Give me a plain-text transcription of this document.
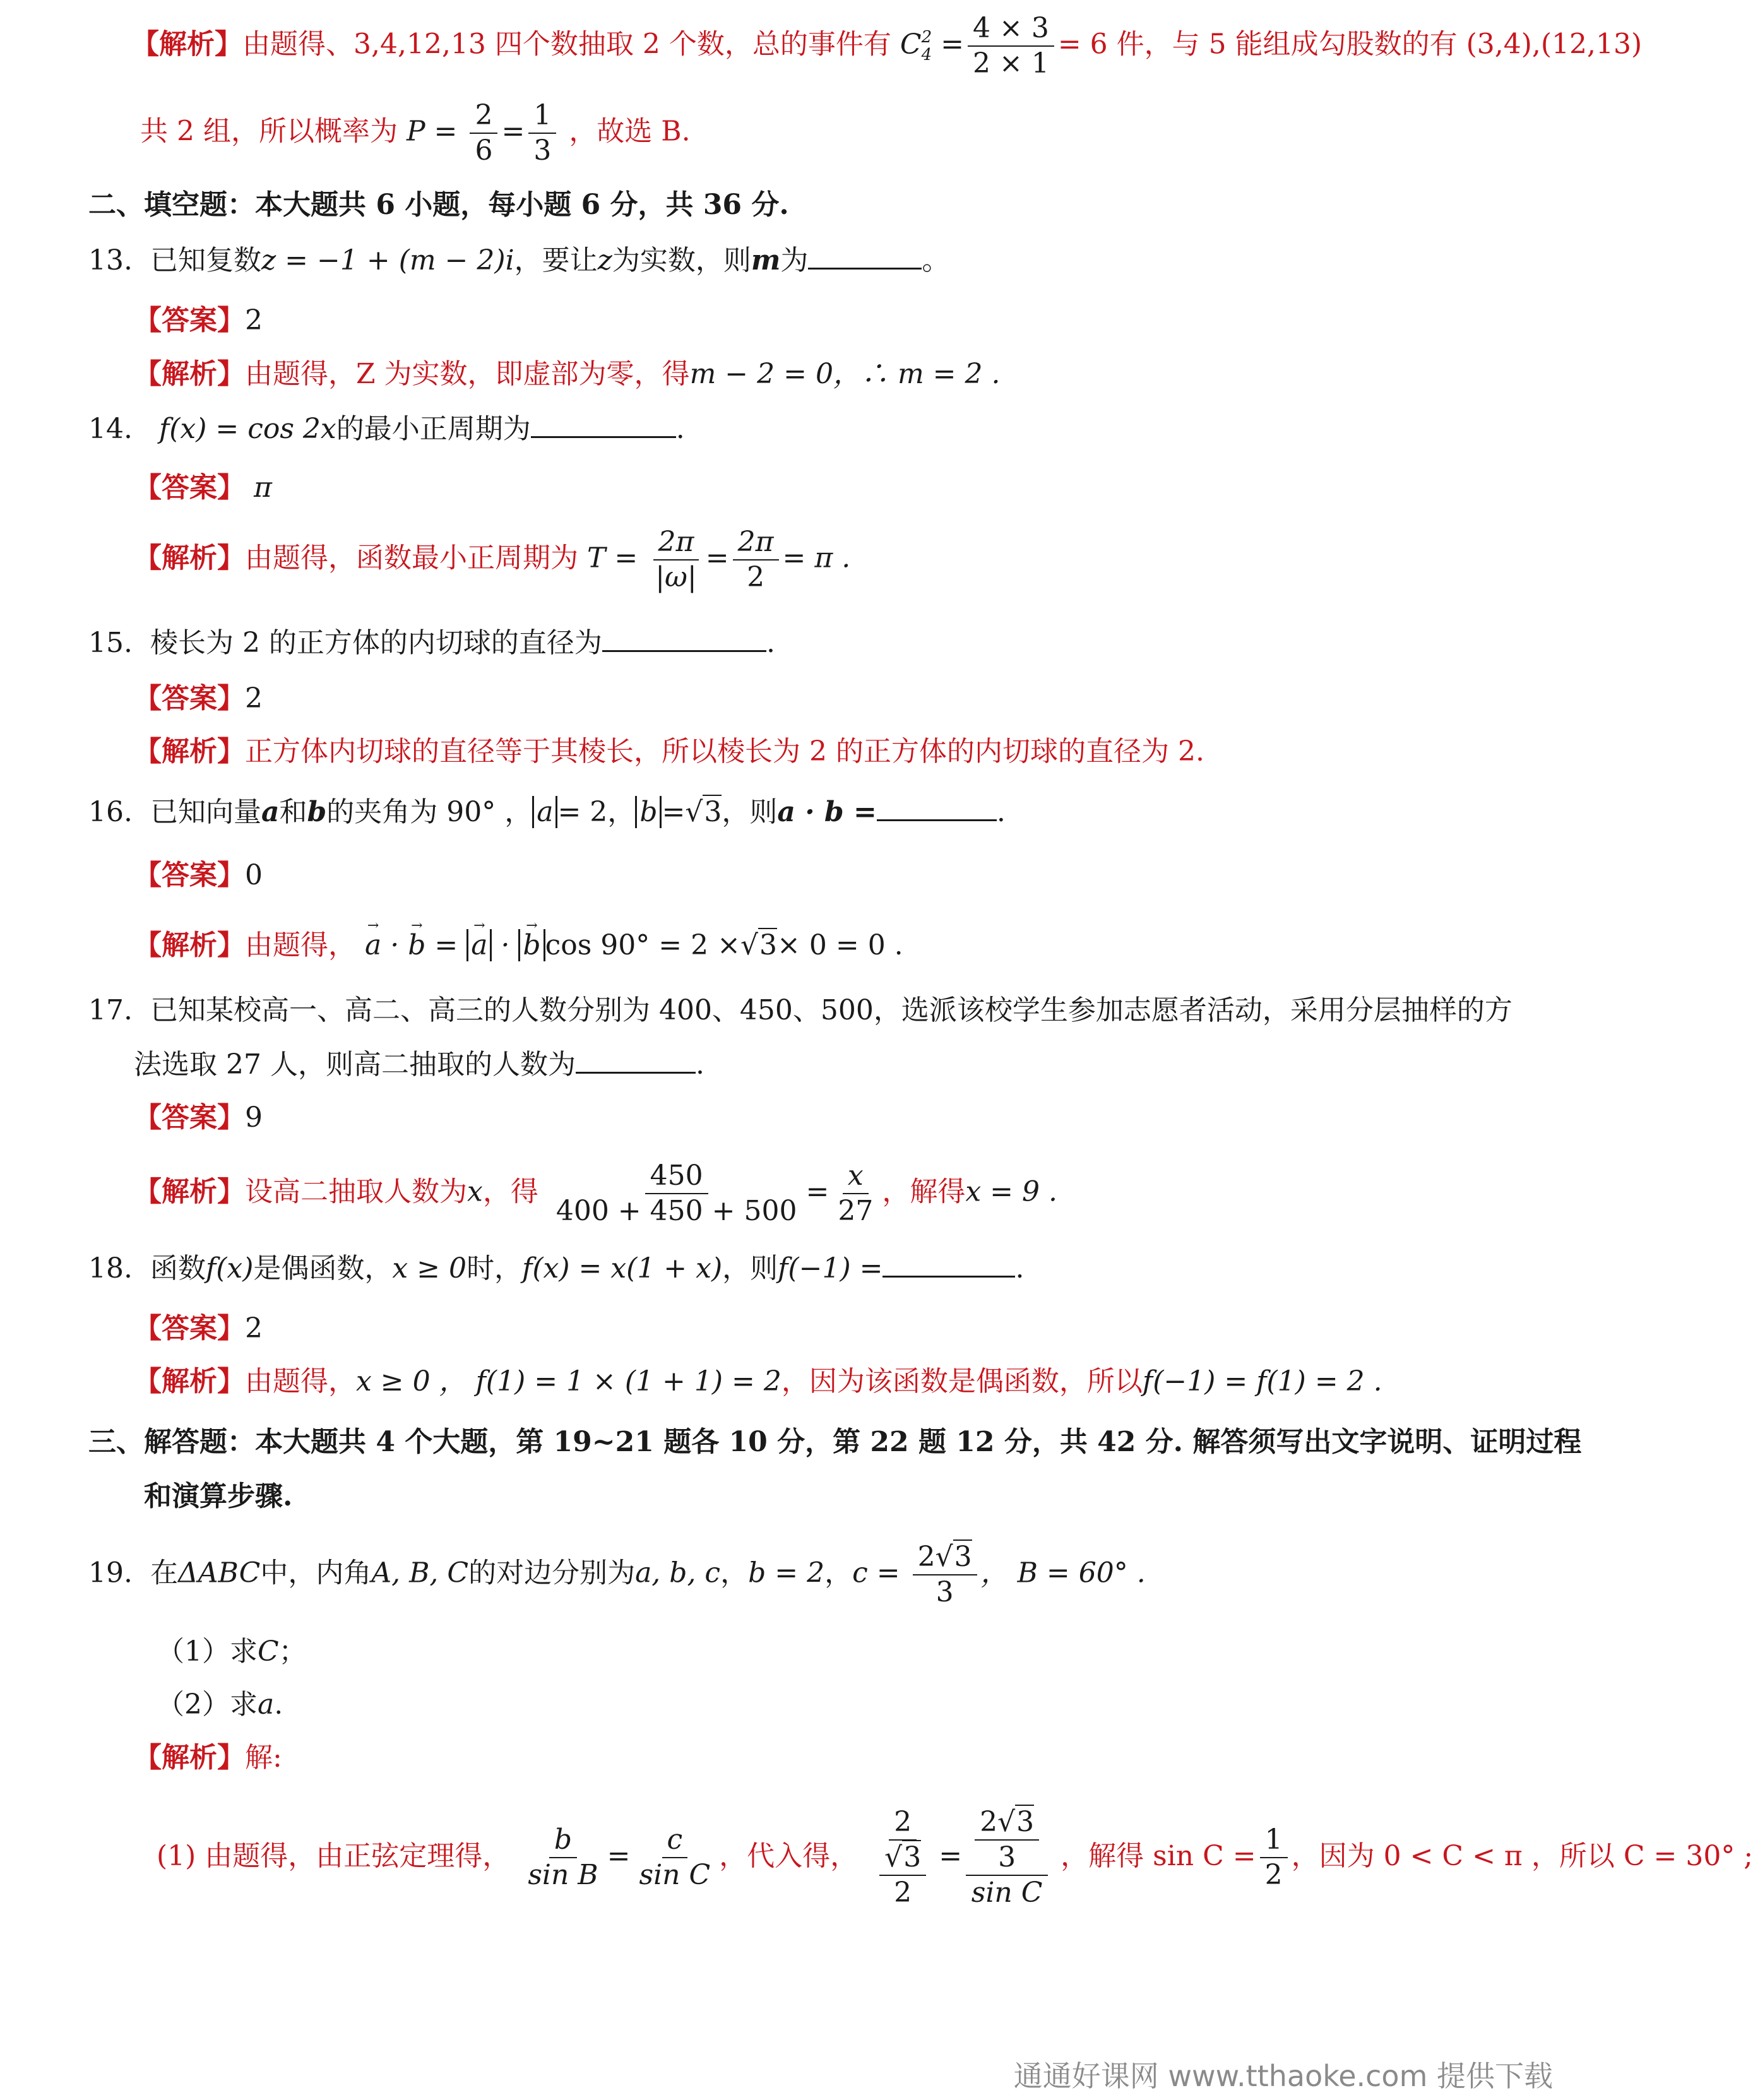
【解析】由题得、3,4,12,13 四个数抽取 2 个数，总的事件有 C 2
$4 = \frac{4 \times 3}{2 \times 1} = 6$ 件，与 5 能组成勾股数的有 (3,4),(12,13)
共 2 组，所以概率为 $P = \frac{2}{6} = \frac{1}{3}$ ，故选 B.
二、填空题：本大题共 6 小题，每小题 6 分，共 36 分.
13. 已知复数z = −1 + (m − 2)i，要让z为实数，则m为	。
【答案】2
【解析】由题得，Z 为实数，即虚部为零，得m − 2 = 0，∴ m = 2 .
14. f(x) = cos 2x的最小正周期为	.
【答案】 π
【解析】由题得，函数最小正周期为 $T = \frac{2\pi}{|\omega|} = \frac{2\pi}{2} = \pi$ .
15. 棱长为 2 的正方体的内切球的直径为	.
【答案】2
【解析】正方体内切球的直径等于其棱长，所以棱长为 2 的正方体的内切球的直径为 2.
16. 已知向量a和b的夹角为 90° ， a = 2， b =√3，则a · b =	.
【答案】0
【解析】由题得，
→
a ·
→
b =
→
a ·
→
b cos 90° = 2 ×√3× 0 = 0 .
17. 已知某校高一、高二、高三的人数分别为 400、450、500，选派该校学生参加志愿者活动，采用分层抽样的方
法选取 27 人，则高二抽取的人数为	.
【答案】9
【解析】设高二抽取人数为x，得 $\frac{450}{400 + 450 + 500} = \frac{x}{27}$ ，解得x = 9 .
18. 函数f(x)是偶函数，x ≥ 0时，f(x) = x(1 + x)，则f(−1) =	.
【答案】2
【解析】由题得，x ≥ 0 ， f(1) = 1 × (1 + 1) = 2，因为该函数是偶函数，所以f(−1) = f(1) = 2 .
三、解答题：本大题共 4 个大题，第 19~21 题各 10 分，第 22 题 12 分，共 42 分. 解答须写出文字说明、证明过程
和演算步骤.
19. 在ΔABC中，内角A, B, C的对边分别为a, b, c，b = 2，$c = \frac{2√3}{3}$ ， B = 60° .
（1）求C；
（2）求a.
【解析】解:
(1) 由题得，由正弦定理得， $\frac{b}{\text{sin B}} = \frac{c}{\text{sin C}}$ ，代入得， $\frac{2}{\frac{√3}{2}} = \frac{\frac{2√3}{3}}{\text{sin C}}$ ，解得 $\sin C = \frac{1}{2}$ ，因为 0 < C < π ，所以 C = 30° ;
通通好课网 www.tthaoke.com 提供下载
